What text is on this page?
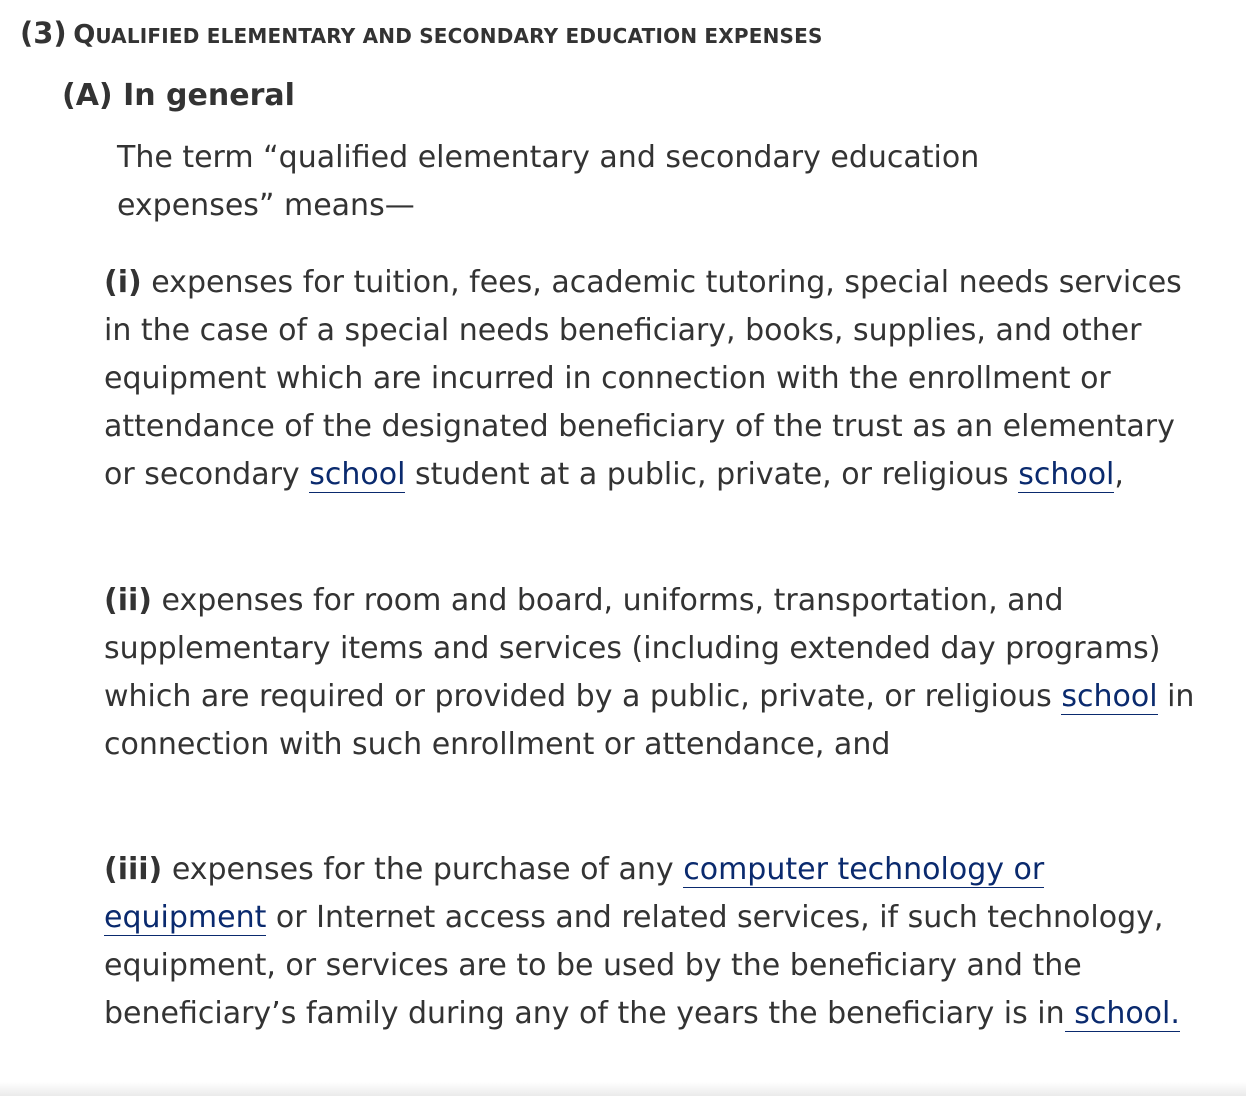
(3) QUALIFIED ELEMENTARY AND SECONDARY EDUCATION EXPENSES
(A) In general

The term “qualified elementary and secondary education expenses” means—

(i) expenses for tuition, fees, academic tutoring, special needs services in the case of a special needs beneficiary, books, supplies, and other equipment which are incurred in connection with the enrollment or attendance of the designated beneficiary of the trust as an elementary or secondary school student at a public, private, or religious school,

(ii) expenses for room and board, uniforms, transportation, and supplementary items and services (including extended day programs) which are required or provided by a public, private, or religious school in connection with such enrollment or attendance, and

(iii) expenses for the purchase of any computer technology or equipment or Internet access and related services, if such technology, equipment, or services are to be used by the beneficiary and the beneficiary’s family during any of the years the beneficiary is in school.
